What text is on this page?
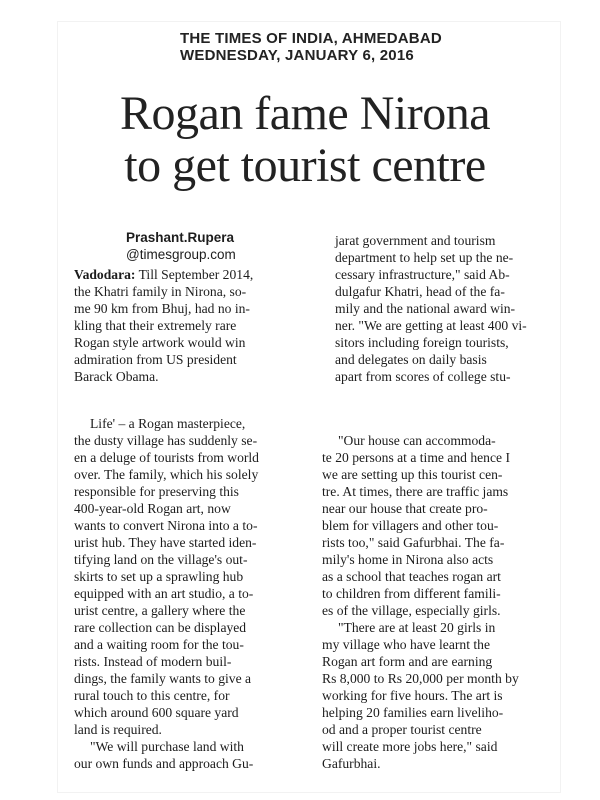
THE TIMES OF INDIA, AHMEDABAD
WEDNESDAY, JANUARY 6, 2016
Rogan fame Nirona
to get tourist centre
Prashant.Rupera
@timesgroup.com
Vadodara: Till September 2014,
the Khatri family in Nirona, so-
me 90 km from Bhuj, had no in-
kling that their extremely rare
Rogan style artwork would win
admiration from US president
Barack Obama.
jarat government and tourism
department to help set up the ne-
cessary infrastructure," said Ab-
dulgafur Khatri, head of the fa-
mily and the national award win-
ner. "We are getting at least 400 vi-
sitors including foreign tourists,
and delegates on daily basis
apart from scores of college stu-
Life' – a Rogan masterpiece,
the dusty village has suddenly se-
en a deluge of tourists from world
over. The family, which his solely
responsible for preserving this
400-year-old Rogan art, now
wants to convert Nirona into a to-
urist hub. They have started iden-
tifying land on the village's out-
skirts to set up a sprawling hub
equipped with an art studio, a to-
urist centre, a gallery where the
rare collection can be displayed
and a waiting room for the tou-
rists. Instead of modern buil-
dings, the family wants to give a
rural touch to this centre, for
which around 600 square yard
land is required.
"We will purchase land with
our own funds and approach Gu-
"Our house can accommoda-
te 20 persons at a time and hence I
we are setting up this tourist cen-
tre. At times, there are traffic jams
near our house that create pro-
blem for villagers and other tou-
rists too," said Gafurbhai. The fa-
mily's home in Nirona also acts
as a school that teaches rogan art
to children from different famili-
es of the village, especially girls.
"There are at least 20 girls in
my village who have learnt the
Rogan art form and are earning
Rs 8,000 to Rs 20,000 per month by
working for five hours. The art is
helping 20 families earn liveliho-
od and a proper tourist centre
will create more jobs here," said
Gafurbhai.
